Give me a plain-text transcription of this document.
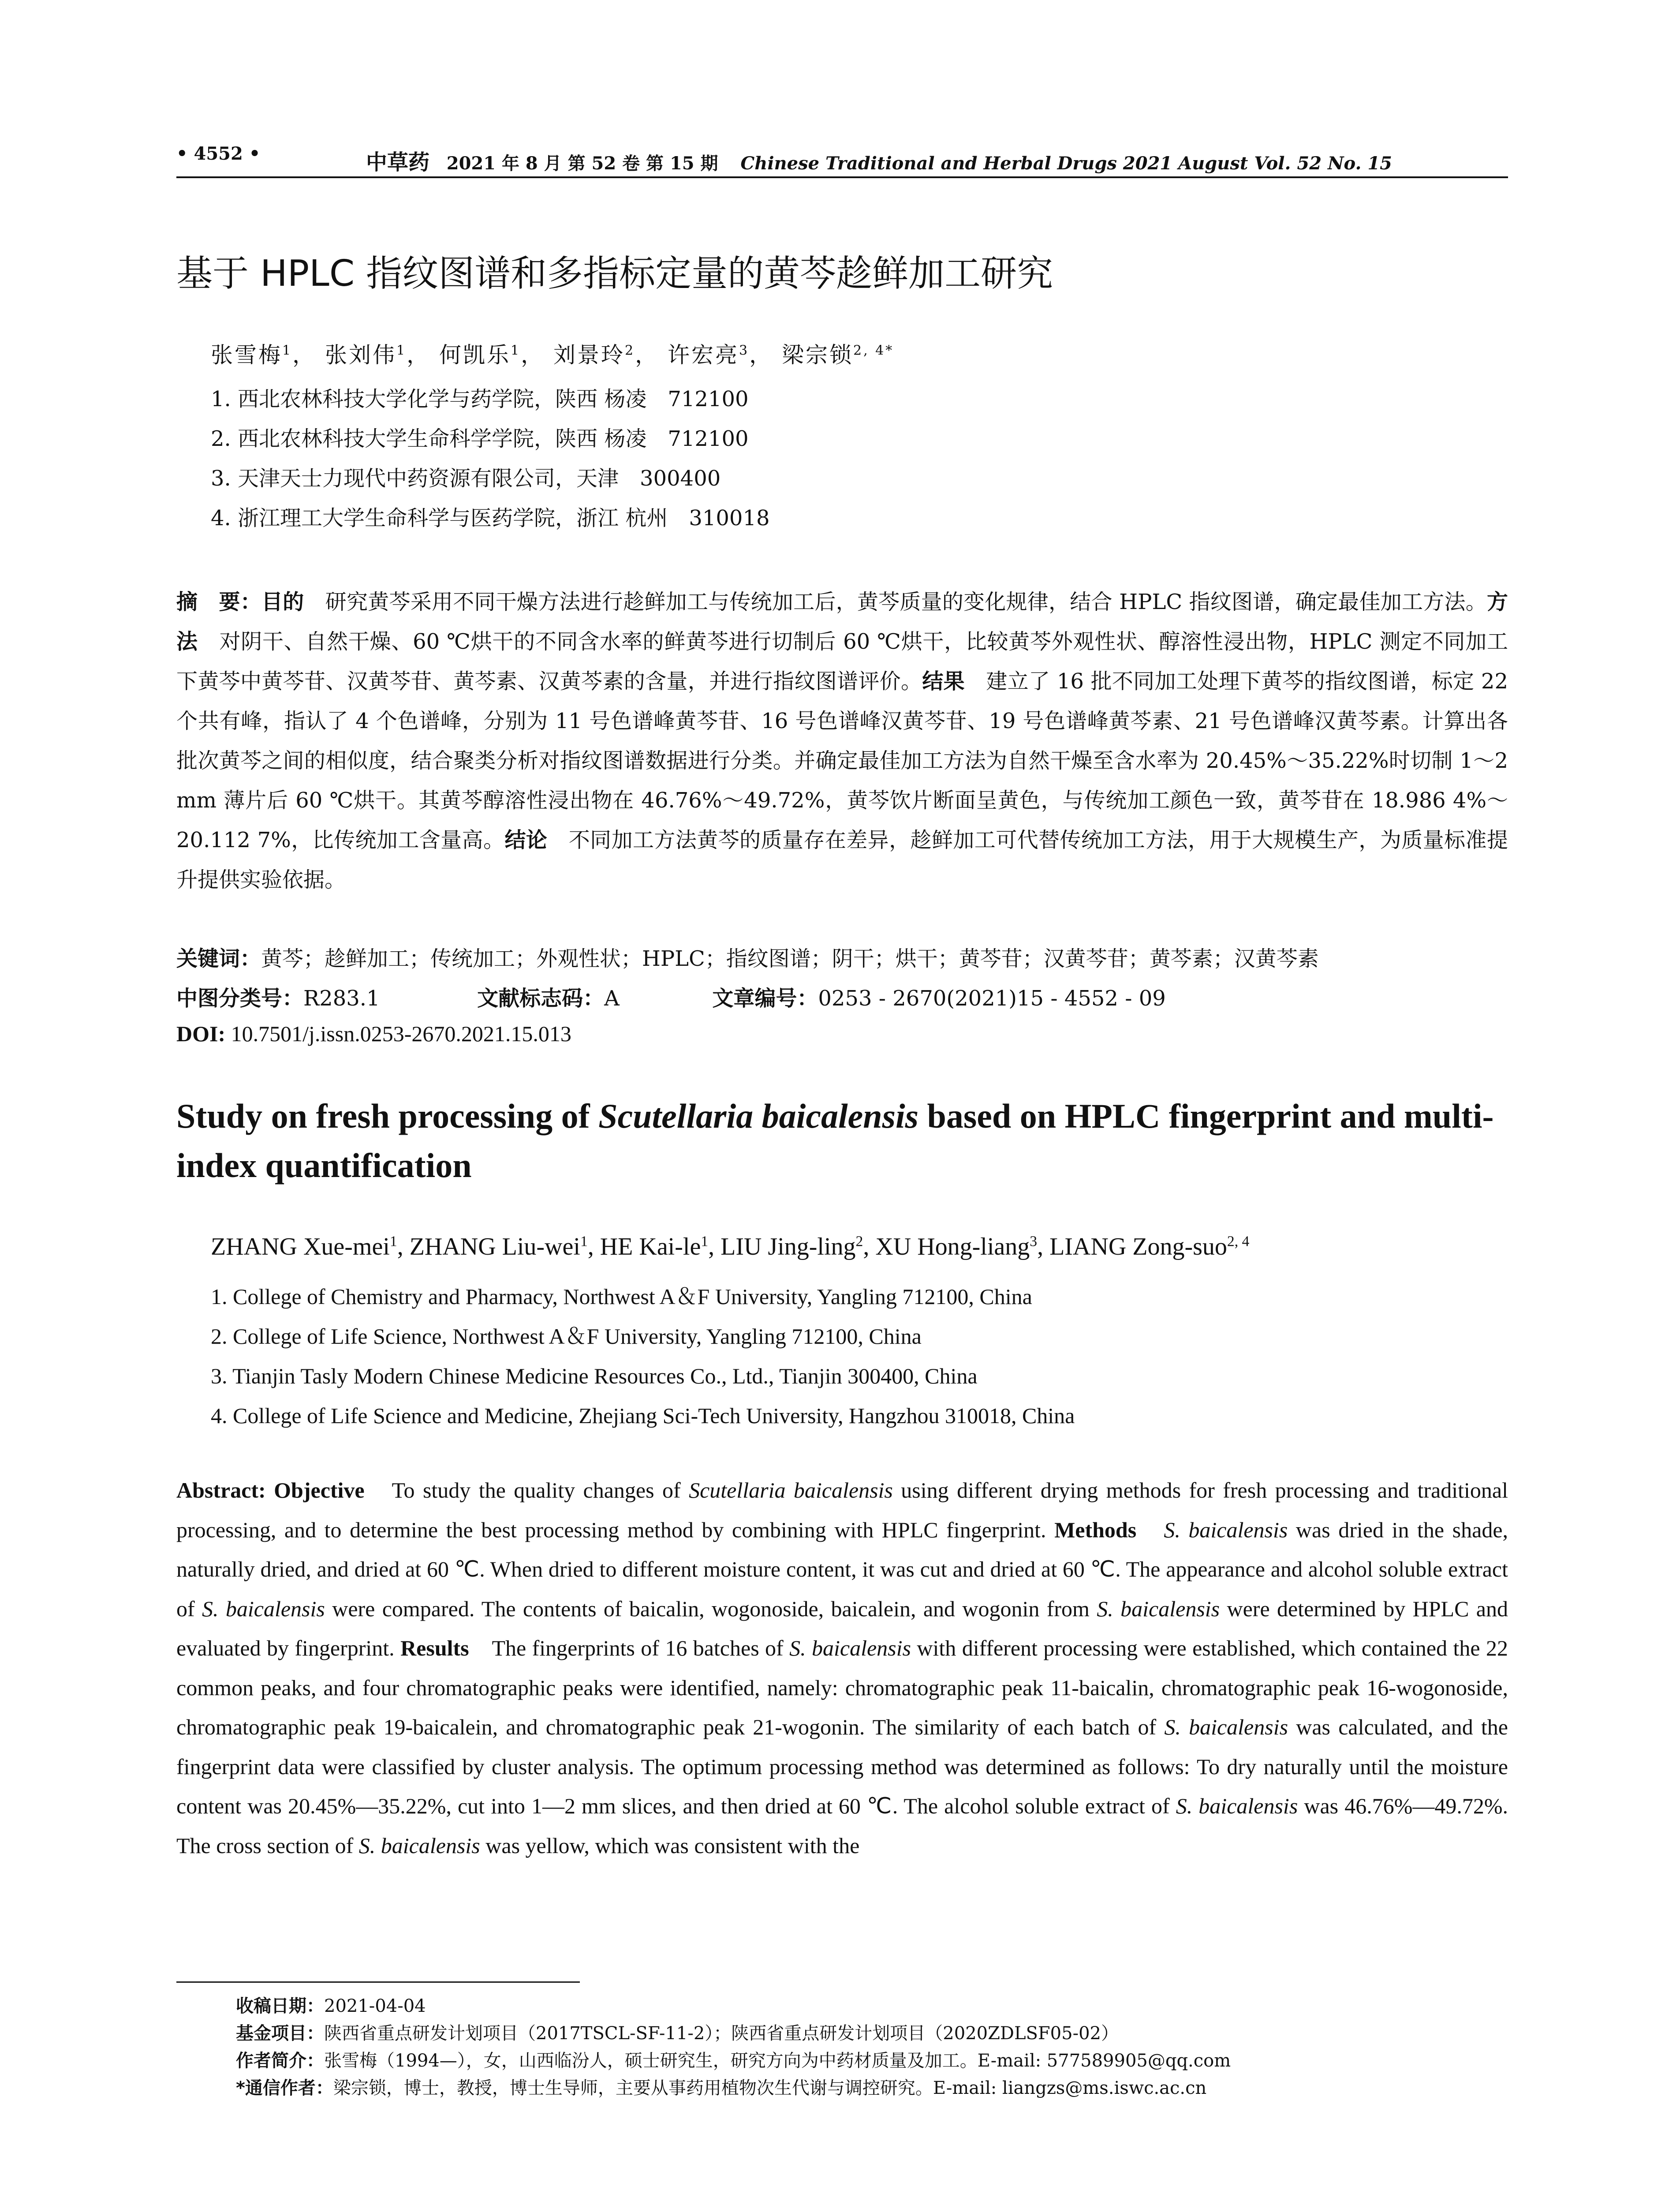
• 4552 •	中草药 2021 年 8 月 第 52 卷 第 15 期 Chinese Traditional and Herbal Drugs 2021 August Vol. 52 No. 15
基于 HPLC 指纹图谱和多指标定量的黄芩趁鲜加工研究
张雪梅$^1$， 张刘伟$^1$， 何凯乐$^1$， 刘景玲$^2$， 许宏亮$^3$， 梁宗锁$^{2, 4*}$

1. 西北农林科技大学化学与药学院，陕西 杨凌　712100

2. 西北农林科技大学生命科学学院，陕西 杨凌　712100

3. 天津天士力现代中药资源有限公司，天津　300400

4. 浙江理工大学生命科学与医药学院，浙江 杭州　310018

摘　要：目的　研究黄芩采用不同干燥方法进行趁鲜加工与传统加工后，黄芩质量的变化规律，结合 HPLC 指纹图谱，确定最佳加工方法。方法　对阴干、自然干燥、60 ℃烘干的不同含水率的鲜黄芩进行切制后 60 ℃烘干，比较黄芩外观性状、醇溶性浸出物，HPLC 测定不同加工下黄芩中黄芩苷、汉黄芩苷、黄芩素、汉黄芩素的含量，并进行指纹图谱评价。结果　建立了 16 批不同加工处理下黄芩的指纹图谱，标定 22 个共有峰，指认了 4 个色谱峰，分别为 11 号色谱峰黄芩苷、16 号色谱峰汉黄芩苷、19 号色谱峰黄芩素、21 号色谱峰汉黄芩素。计算出各批次黄芩之间的相似度，结合聚类分析对指纹图谱数据进行分类。并确定最佳加工方法为自然干燥至含水率为 20.45%～35.22%时切制 1～2 mm 薄片后 60 ℃烘干。其黄芩醇溶性浸出物在 46.76%～49.72%，黄芩饮片断面呈黄色，与传统加工颜色一致，黄芩苷在 18.986 4%～20.112 7%，比传统加工含量高。结论　不同加工方法黄芩的质量存在差异，趁鲜加工可代替传统加工方法，用于大规模生产，为质量标准提升提供实验依据。
关键词：黄芩；趁鲜加工；传统加工；外观性状；HPLC；指纹图谱；阴干；烘干；黄芩苷；汉黄芩苷；黄芩素；汉黄芩素
中图分类号：R283.1	文献标志码：A	文章编号：0253 - 2670(2021)15 - 4552 - 09
DOI: 10.7501/j.issn.0253-2670.2021.15.013
Study on fresh processing of Scutellaria baicalensis based on HPLC fingerprint and multi-index quantification
ZHANG Xue-mei$^1$, ZHANG Liu-wei$^1$, HE Kai-$le^1$, LIU Jing-ling$^2$, XU Hong-liang$^3$, LIANG Zong-suo$^{2, 4}$

1. College of Chemistry and Pharmacy, Northwest A＆F University, Yangling 712100, China

2. College of Life Science, Northwest A＆F University, Yangling 712100, China

3. Tianjin Tasly Modern Chinese Medicine Resources Co., Ltd., Tianjin 300400, China

4. College of Life Science and Medicine, Zhejiang Sci-Tech University, Hangzhou 310018, China

Abstract: Objective　To study the quality changes of Scutellaria baicalensis using different drying methods for fresh processing and traditional processing, and to determine the best processing method by combining with HPLC fingerprint. Methods　 S. baicalensis was dried in the shade, naturally dried, and dried at 60 ℃. When dried to different moisture content, it was cut and dried at 60 ℃. The appearance and alcohol soluble extract of S. baicalensis were compared. The contents of baicalin, wogonoside, baicalein, and wogonin from S. baicalensis were determined by HPLC and evaluated by fingerprint. Results　The fingerprints of 16 batches of S. baicalensis with different processing were established, which contained the 22 common peaks, and four chromatographic peaks were identified, namely: chromatographic peak 11-baicalin, chromatographic peak 16-wogonoside, chromatographic peak 19-baicalein, and chromatographic peak 21-wogonin. The similarity of each batch of S. baicalensis was calculated, and the fingerprint data were classified by cluster analysis. The optimum processing method was determined as follows: To dry naturally until the moisture content was 20.45%—35.22%, cut into 1—2 mm slices, and then dried at 60 ℃. The alcohol soluble extract of S. baicalensis was 46.76%—49.72%. The cross section of S. baicalensis was yellow, which was consistent with the

收稿日期：2021-04-04

基金项目：陕西省重点研发计划项目（2017TSCL-SF-11-2）；陕西省重点研发计划项目（2020ZDLSF05-02）

作者简介：张雪梅（1994—），女，山西临汾人，硕士研究生，研究方向为中药材质量及加工。E-mail: 577589905@qq.com

*通信作者：梁宗锁，博士，教授，博士生导师，主要从事药用植物次生代谢与调控研究。E-mail: liangzs@ms.iswc.ac.cn
